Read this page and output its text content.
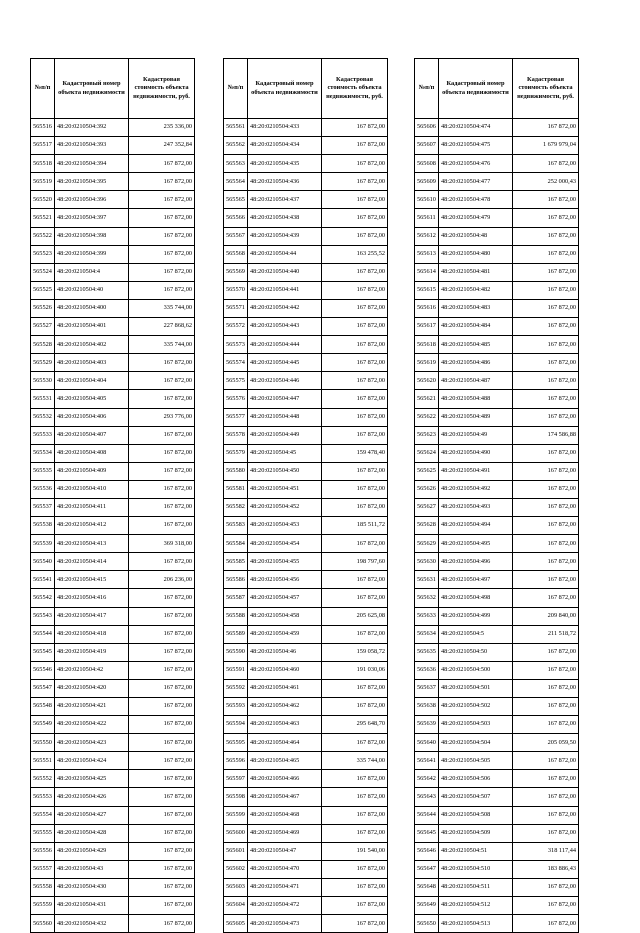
№п/п	Кадастровый номер объекта недвижимости	Кадастровая стоимость объекта недвижимости, руб.
565516	48:20:0210504:392	235 336,00
565517	48:20:0210504:393	247 352,84
565518	48:20:0210504:394	167 872,00
565519	48:20:0210504:395	167 872,00
565520	48:20:0210504:396	167 872,00
565521	48:20:0210504:397	167 872,00
565522	48:20:0210504:398	167 872,00
565523	48:20:0210504:399	167 872,00
565524	48:20:0210504:4	167 872,00
565525	48:20:0210504:40	167 872,00
565526	48:20:0210504:400	335 744,00
565527	48:20:0210504:401	227 868,62
565528	48:20:0210504:402	335 744,00
565529	48:20:0210504:403	167 872,00
565530	48:20:0210504:404	167 872,00
565531	48:20:0210504:405	167 872,00
565532	48:20:0210504:406	293 776,00
565533	48:20:0210504:407	167 872,00
565534	48:20:0210504:408	167 872,00
565535	48:20:0210504:409	167 872,00
565536	48:20:0210504:410	167 872,00
565537	48:20:0210504:411	167 872,00
565538	48:20:0210504:412	167 872,00
565539	48:20:0210504:413	369 318,00
565540	48:20:0210504:414	167 872,00
565541	48:20:0210504:415	206 236,00
565542	48:20:0210504:416	167 872,00
565543	48:20:0210504:417	167 872,00
565544	48:20:0210504:418	167 872,00
565545	48:20:0210504:419	167 872,00
565546	48:20:0210504:42	167 872,00
565547	48:20:0210504:420	167 872,00
565548	48:20:0210504:421	167 872,00
565549	48:20:0210504:422	167 872,00
565550	48:20:0210504:423	167 872,00
565551	48:20:0210504:424	167 872,00
565552	48:20:0210504:425	167 872,00
565553	48:20:0210504:426	167 872,00
565554	48:20:0210504:427	167 872,00
565555	48:20:0210504:428	167 872,00
565556	48:20:0210504:429	167 872,00
565557	48:20:0210504:43	167 872,00
565558	48:20:0210504:430	167 872,00
565559	48:20:0210504:431	167 872,00
565560	48:20:0210504:432	167 872,00
№п/п	Кадастровый номер объекта недвижимости	Кадастровая стоимость объекта недвижимости, руб.
565561	48:20:0210504:433	167 872,00
565562	48:20:0210504:434	167 872,00
565563	48:20:0210504:435	167 872,00
565564	48:20:0210504:436	167 872,00
565565	48:20:0210504:437	167 872,00
565566	48:20:0210504:438	167 872,00
565567	48:20:0210504:439	167 872,00
565568	48:20:0210504:44	163 255,52
565569	48:20:0210504:440	167 872,00
565570	48:20:0210504:441	167 872,00
565571	48:20:0210504:442	167 872,00
565572	48:20:0210504:443	167 872,00
565573	48:20:0210504:444	167 872,00
565574	48:20:0210504:445	167 872,00
565575	48:20:0210504:446	167 872,00
565576	48:20:0210504:447	167 872,00
565577	48:20:0210504:448	167 872,00
565578	48:20:0210504:449	167 872,00
565579	48:20:0210504:45	159 478,40
565580	48:20:0210504:450	167 872,00
565581	48:20:0210504:451	167 872,00
565582	48:20:0210504:452	167 872,00
565583	48:20:0210504:453	185 511,72
565584	48:20:0210504:454	167 872,00
565585	48:20:0210504:455	198 797,60
565586	48:20:0210504:456	167 872,00
565587	48:20:0210504:457	167 872,00
565588	48:20:0210504:458	205 625,08
565589	48:20:0210504:459	167 872,00
565590	48:20:0210504:46	159 058,72
565591	48:20:0210504:460	191 030,06
565592	48:20:0210504:461	167 872,00
565593	48:20:0210504:462	167 872,00
565594	48:20:0210504:463	295 648,70
565595	48:20:0210504:464	167 872,00
565596	48:20:0210504:465	335 744,00
565597	48:20:0210504:466	167 872,00
565598	48:20:0210504:467	167 872,00
565599	48:20:0210504:468	167 872,00
565600	48:20:0210504:469	167 872,00
565601	48:20:0210504:47	191 540,00
565602	48:20:0210504:470	167 872,00
565603	48:20:0210504:471	167 872,00
565604	48:20:0210504:472	167 872,00
565605	48:20:0210504:473	167 872,00
№п/п	Кадастровый номер объекта недвижимости	Кадастровая стоимость объекта недвижимости, руб.
565606	48:20:0210504:474	167 872,00
565607	48:20:0210504:475	1 679 979,04
565608	48:20:0210504:476	167 872,00
565609	48:20:0210504:477	252 000,43
565610	48:20:0210504:478	167 872,00
565611	48:20:0210504:479	167 872,00
565612	48:20:0210504:48	167 872,00
565613	48:20:0210504:480	167 872,00
565614	48:20:0210504:481	167 872,00
565615	48:20:0210504:482	167 872,00
565616	48:20:0210504:483	167 872,00
565617	48:20:0210504:484	167 872,00
565618	48:20:0210504:485	167 872,00
565619	48:20:0210504:486	167 872,00
565620	48:20:0210504:487	167 872,00
565621	48:20:0210504:488	167 872,00
565622	48:20:0210504:489	167 872,00
565623	48:20:0210504:49	174 586,88
565624	48:20:0210504:490	167 872,00
565625	48:20:0210504:491	167 872,00
565626	48:20:0210504:492	167 872,00
565627	48:20:0210504:493	167 872,00
565628	48:20:0210504:494	167 872,00
565629	48:20:0210504:495	167 872,00
565630	48:20:0210504:496	167 872,00
565631	48:20:0210504:497	167 872,00
565632	48:20:0210504:498	167 872,00
565633	48:20:0210504:499	209 840,00
565634	48:20:0210504:5	211 518,72
565635	48:20:0210504:50	167 872,00
565636	48:20:0210504:500	167 872,00
565637	48:20:0210504:501	167 872,00
565638	48:20:0210504:502	167 872,00
565639	48:20:0210504:503	167 872,00
565640	48:20:0210504:504	205 059,50
565641	48:20:0210504:505	167 872,00
565642	48:20:0210504:506	167 872,00
565643	48:20:0210504:507	167 872,00
565644	48:20:0210504:508	167 872,00
565645	48:20:0210504:509	167 872,00
565646	48:20:0210504:51	318 117,44
565647	48:20:0210504:510	183 886,43
565648	48:20:0210504:511	167 872,00
565649	48:20:0210504:512	167 872,00
565650	48:20:0210504:513	167 872,00
